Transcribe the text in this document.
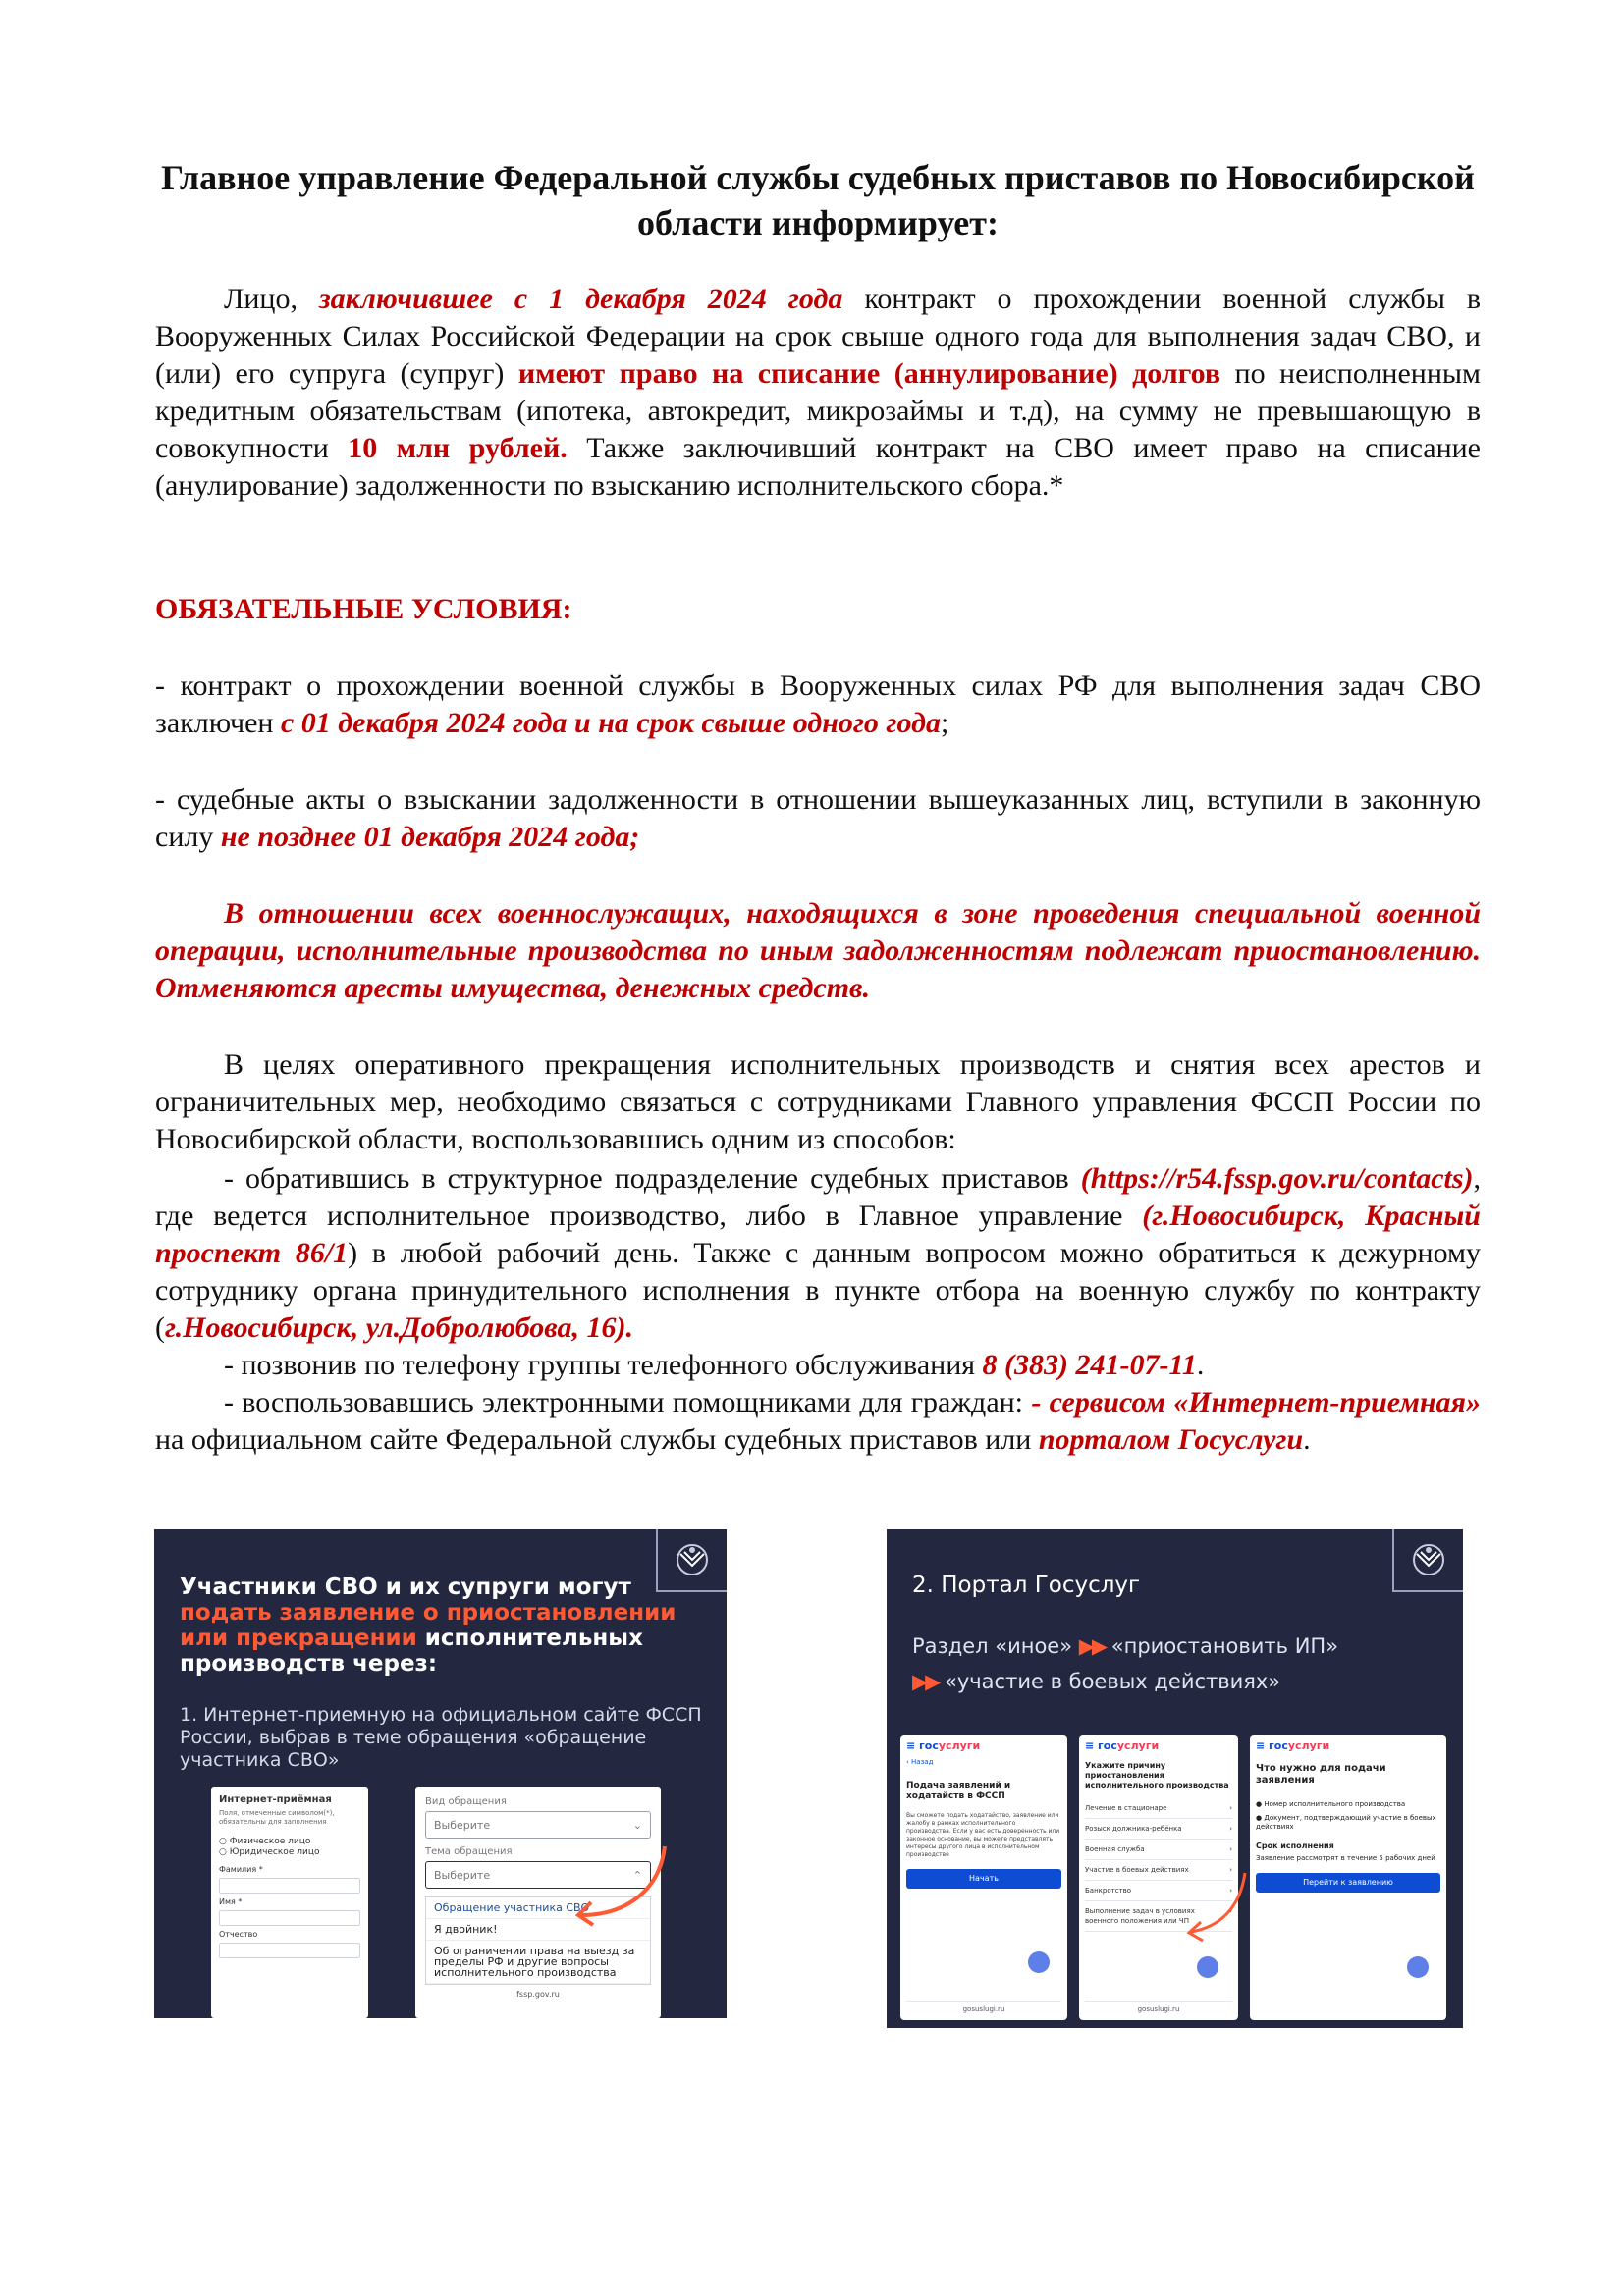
Главное управление Федеральной службы судебных приставов по Новосибирской области информирует:
Лицо, заключившее с 1 декабря 2024 года контракт о прохождении военной службы в Вооруженных Силах Российской Федерации на срок свыше одного года для выполнения задач СВО, и (или) его супруга (супруг) имеют право на списание (аннулирование) долгов по неисполненным кредитным обязательствам (ипотека, автокредит, микрозаймы и т.д), на сумму не превышающую в совокупности 10 млн рублей. Также заключивший контракт на СВО имеет право на списание (анулирование) задолженности по взысканию исполнительского сбора.*
ОБЯЗАТЕЛЬНЫЕ УСЛОВИЯ:
- контракт о прохождении военной службы в Вооруженных силах РФ для выполнения задач СВО заключен с 01 декабря 2024 года и на срок свыше одного года;
- судебные акты о взыскании задолженности в отношении вышеуказанных лиц, вступили в законную силу не позднее 01 декабря 2024 года;
В отношении всех военнослужащих, находящихся в зоне проведения специальной военной операции, исполнительные производства по иным задолженностям подлежат приостановлению. Отменяются аресты имущества, денежных средств.
В целях оперативного прекращения исполнительных производств и снятия всех арестов и ограничительных мер, необходимо связаться с сотрудниками Главного управления ФССП России по Новосибирской области, воспользовавшись одним из способов:
- обратившись в структурное подразделение судебных приставов (https://r54.fssp.gov.ru/contacts), где ведется исполнительное производство, либо в Главное управление (г.Новосибирск, Красный проспект 86/1) в любой рабочий день. Также с данным вопросом можно обратиться к дежурному сотруднику органа принудительного исполнения в пункте отбора на военную службу по контракту (г.Новосибирск, ул.Добролюбова, 16).
- позвонив по телефону группы телефонного обслуживания 8 (383) 241-07-11.
- воспользовавшись электронными помощниками для граждан: - сервисом «Интернет-приемная» на официальном сайте Федеральной службы судебных приставов или порталом Госуслуги.
Участники СВО и их супруги могут подать заявление о приостановлении или прекращении исполнительных производств через:
1. Интернет-приемную на официальном сайте ФССП России, выбрав в теме обращения «обращение участника СВО»
Интернет-приёмная
Поля, отмеченные символом(*), обязательны для заполнения
○ Физическое лицо
○ Юридическое лицо
Фамилия *
Имя *
Отчество
Вид обращения
Выберите	⌄
Тема обращения
Выберите	⌃
Обращение участника СВО
Я двойник!
Об ограничении права на выезд за пределы РФ и другие вопросы исполнительного производства
fssp.gov.ru
2. Портал Госуслуг
Раздел «иное» ▶▶ «приостановить ИП»
▶▶ «участие в боевых действиях»
≡ госуслуги
‹ Назад
Подача заявлений и ходатайств в ФССП
Вы сможете подать ходатайство, заявление или жалобу в рамках исполнительного производства. Если у вас есть доверенность или законное основание, вы можете представлять интересы другого лица в исполнительном производстве
Начать
gosuslugi.ru
≡ госуслуги
Укажите причину приостановления исполнительного производства
Лечение в стационаре	›
Розыск должника-ребёнка	›
Военная служба	›
Участие в боевых действиях	›
Банкротство	›
Выполнение задач в условиях военного положения или ЧП
›
gosuslugi.ru
≡ госуслуги
Что нужно для подачи заявления
● Номер исполнительного производства
● Документ, подтверждающий участие в боевых действиях
Срок исполнения
Заявление рассмотрят в течение 5 рабочих дней
Перейти к заявлению
